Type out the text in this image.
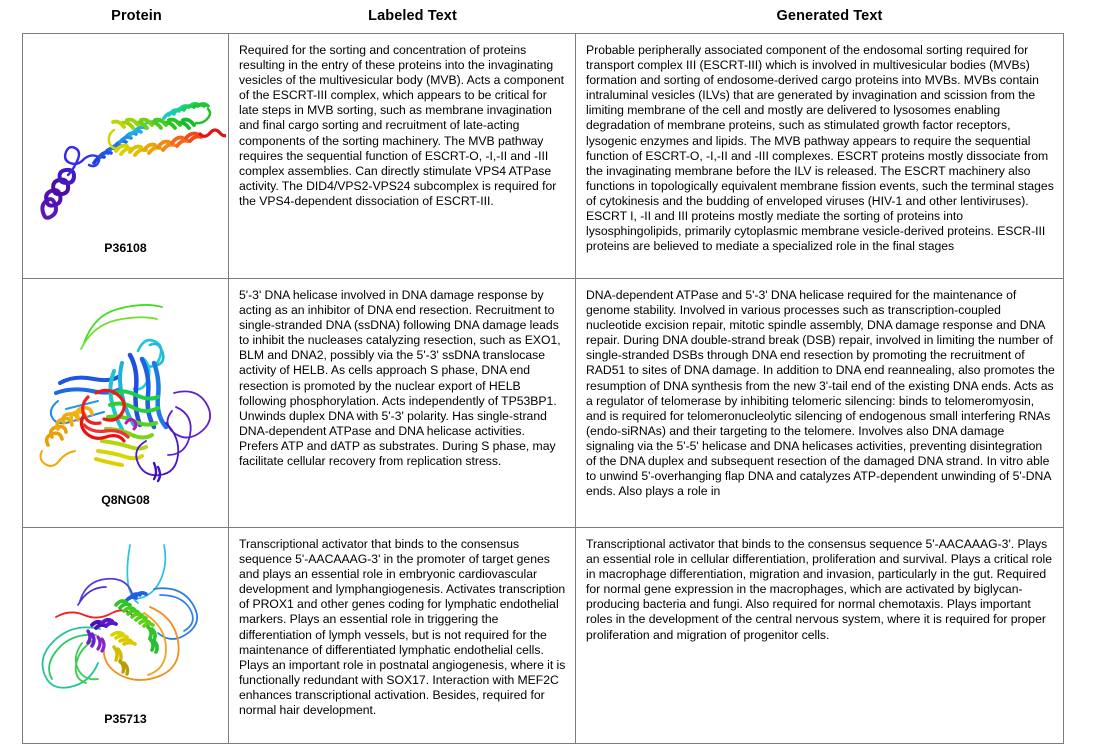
Protein	Labeled Text	Generated Text
P36108
Required for the sorting and concentration of proteins resulting in the entry of these proteins into the invaginating vesicles of the multivesicular body (MVB). Acts a component of the ESCRT-III complex, which appears to be critical for late steps in MVB sorting, such as membrane invagination and final cargo sorting and recruitment of late-acting components of the sorting machinery. The MVB pathway requires the sequential function of ESCRT-O, -I,-II and -III complex assemblies. Can directly stimulate VPS4 ATPase activity. The DID4/VPS2-VPS24 subcomplex is required for the VPS4-dependent dissociation of ESCRT-III.
Probable peripherally associated component of the endosomal sorting required for transport complex III (ESCRT-III) which is involved in multivesicular bodies (MVBs) formation and sorting of endosome-derived cargo proteins into MVBs. MVBs contain intraluminal vesicles (ILVs) that are generated by invagination and scission from the limiting membrane of the cell and mostly are delivered to lysosomes enabling degradation of membrane proteins, such as stimulated growth factor receptors, lysogenic enzymes and lipids. The MVB pathway appears to require the sequential function of ESCRT-O, -I,-II and -III complexes. ESCRT proteins mostly dissociate from the invaginating membrane before the ILV is released. The ESCRT machinery also functions in topologically equivalent membrane fission events, such the terminal stages of cytokinesis and the budding of enveloped viruses (HIV-1 and other lentiviruses). ESCRT I, -II and III proteins mostly mediate the sorting of proteins into lysosphingolipids, primarily cytoplasmic membrane vesicle-derived proteins. ESCR-III proteins are believed to mediate a specialized role in the final stages
Q8NG08
5'-3' DNA helicase involved in DNA damage response by acting as an inhibitor of DNA end resection. Recruitment to single-stranded DNA (ssDNA) following DNA damage leads to inhibit the nucleases catalyzing resection, such as EXO1, BLM and DNA2, possibly via the 5'-3' ssDNA translocase activity of HELB. As cells approach S phase, DNA end resection is promoted by the nuclear export of HELB following phosphorylation. Acts independently of TP53BP1. Unwinds duplex DNA with 5'-3' polarity. Has single-strand DNA-dependent ATPase and DNA helicase activities. Prefers ATP and dATP as substrates. During S phase, may facilitate cellular recovery from replication stress.
DNA-dependent ATPase and 5'-3' DNA helicase required for the maintenance of genome stability. Involved in various processes such as transcription-coupled nucleotide excision repair, mitotic spindle assembly, DNA damage response and DNA repair. During DNA double-strand break (DSB) repair, involved in limiting the number of single-stranded DSBs through DNA end resection by promoting the recruitment of RAD51 to sites of DNA damage. In addition to DNA end reannealing, also promotes the resumption of DNA synthesis from the new 3'-tail end of the existing DNA ends. Acts as a regulator of telomerase by inhibiting telomeric silencing: binds to telomeromyosin, and is required for telomeronucleolytic silencing of endogenous small interfering RNAs (endo-siRNAs) and their targeting to the telomere. Involves also DNA damage signaling via the 5'-5' helicase and DNA helicases activities, preventing disintegration of the DNA duplex and subsequent resection of the damaged DNA strand. In vitro able to unwind 5'-overhanging flap DNA and catalyzes ATP-dependent unwinding of 5'-DNA ends. Also plays a role in
P35713
Transcriptional activator that binds to the consensus sequence 5'-AACAAAG-3' in the promoter of target genes and plays an essential role in embryonic cardiovascular development and lymphangiogenesis. Activates transcription of PROX1 and other genes coding for lymphatic endothelial markers. Plays an essential role in triggering the differentiation of lymph vessels, but is not required for the maintenance of differentiated lymphatic endothelial cells. Plays an important role in postnatal angiogenesis, where it is functionally redundant with SOX17. Interaction with MEF2C enhances transcriptional activation. Besides, required for normal hair development.
Transcriptional activator that binds to the consensus sequence 5'-AACAAAG-3'. Plays an essential role in cellular differentiation, proliferation and survival. Plays a critical role in macrophage differentiation, migration and invasion, particularly in the gut. Required for normal gene expression in the macrophages, which are activated by biglycan-producing bacteria and fungi. Also required for normal chemotaxis. Plays important roles in the development of the central nervous system, where it is required for proper proliferation and migration of progenitor cells.
